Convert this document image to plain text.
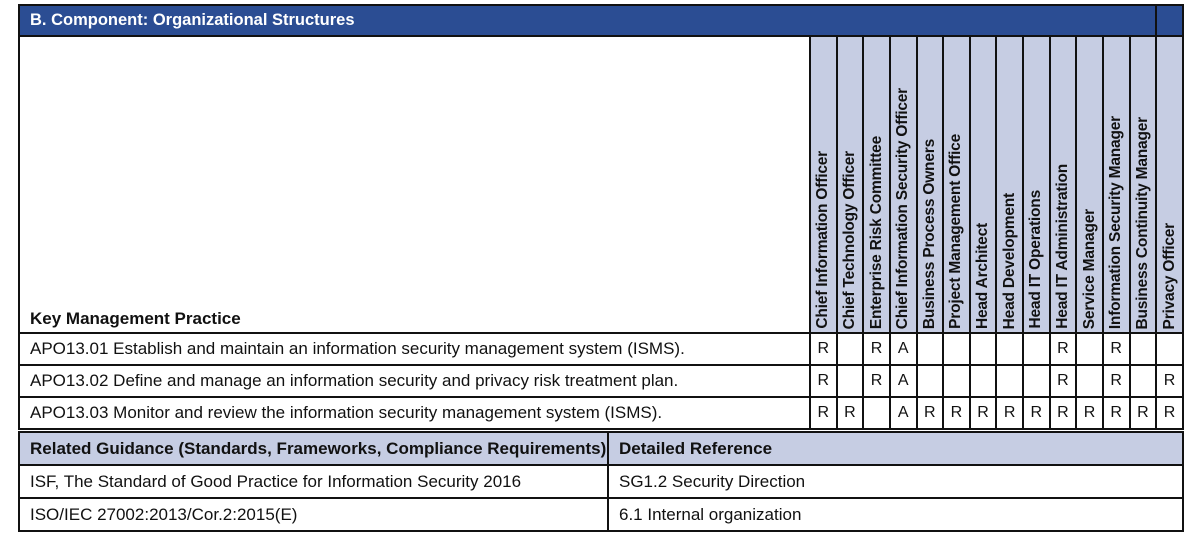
B. Component: Organizational Structures														
Key Management Practice	Chief Information Officer	Chief Technology Officer	Enterprise Risk Committee	Chief Information Security Officer	Business Process Owners	Project Management Office	Head Architect	Head Development	Head IT Operations	Head IT Administration	Service Manager	Information Security Manager	Business Continuity Manager	Privacy Officer

APO13.01 Establish and maintain an information security management system (ISMS).	R		R	A						R		R		
APO13.02 Define and manage an information security and privacy risk treatment plan.	R		R	A						R		R		R
APO13.03 Monitor and review the information security management system (ISMS).	R	R		A	R	R	R	R	R	R	R	R	R	R
Related Guidance (Standards, Frameworks, Compliance Requirements)	Detailed Reference
ISF, The Standard of Good Practice for Information Security 2016	SG1.2 Security Direction
ISO/IEC 27002:2013/Cor.2:2015(E)	6.1 Internal organization
